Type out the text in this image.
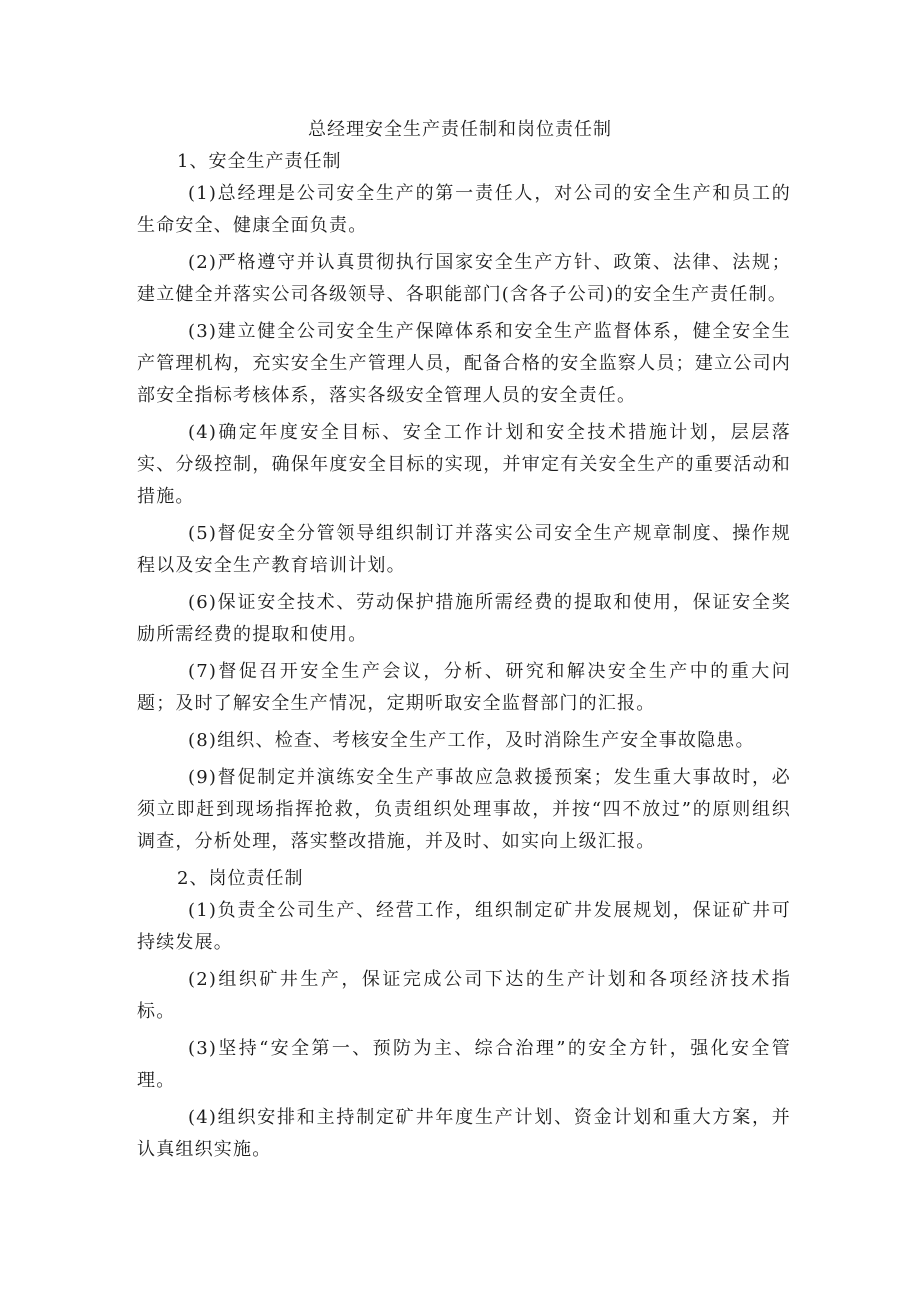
总经理安全生产责任制和岗位责任制
1、安全生产责任制

(1)总经理是公司安全生产的第一责任人，对公司的安全生产和员工的生命安全、健康全面负责。

(2)严格遵守并认真贯彻执行国家安全生产方针、政策、法律、法规；建立健全并落实公司各级领导、各职能部门(含各子公司)的安全生产责任制。

(3)建立健全公司安全生产保障体系和安全生产监督体系，健全安全生产管理机构，充实安全生产管理人员，配备合格的安全监察人员；建立公司内部安全指标考核体系，落实各级安全管理人员的安全责任。

(4)确定年度安全目标、安全工作计划和安全技术措施计划，层层落实、分级控制，确保年度安全目标的实现，并审定有关安全生产的重要活动和措施。

(5)督促安全分管领导组织制订并落实公司安全生产规章制度、操作规程以及安全生产教育培训计划。

(6)保证安全技术、劳动保护措施所需经费的提取和使用，保证安全奖励所需经费的提取和使用。

(7)督促召开安全生产会议，分析、研究和解决安全生产中的重大问题；及时了解安全生产情况，定期听取安全监督部门的汇报。

(8)组织、检查、考核安全生产工作，及时消除生产安全事故隐患。

(9)督促制定并演练安全生产事故应急救援预案；发生重大事故时，必须立即赶到现场指挥抢救，负责组织处理事故，并按“四不放过”的原则组织调查，分析处理，落实整改措施，并及时、如实向上级汇报。

2、岗位责任制

(1)负责全公司生产、经营工作，组织制定矿井发展规划，保证矿井可持续发展。

(2)组织矿井生产，保证完成公司下达的生产计划和各项经济技术指标。

(3)坚持“安全第一、预防为主、综合治理”的安全方针，强化安全管理。

(4)组织安排和主持制定矿井年度生产计划、资金计划和重大方案，并认真组织实施。
